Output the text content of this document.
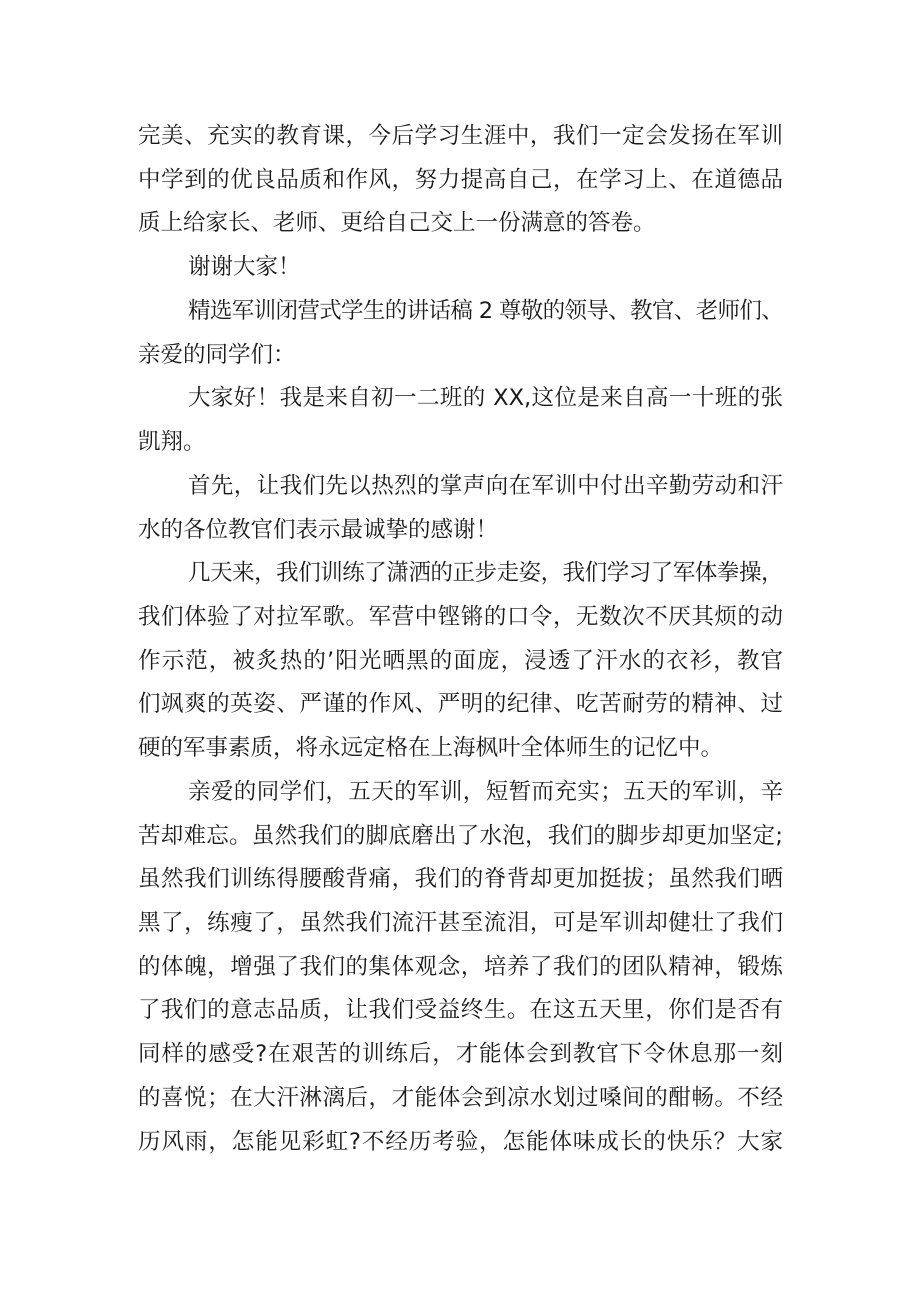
完美、充实的教育课，今后学习生涯中，我们一定会发扬在军训
中学到的优良品质和作风，努力提高自己，在学习上、在道德品
质上给家长、老师、更给自己交上一份满意的答卷。
谢谢大家！
精选军训闭营式学生的讲话稿 2 尊敬的领导、教官、老师们、
亲爱的同学们：
大家好！我是来自初一二班的 XX,这位是来自高一十班的张
凯翔。
首先，让我们先以热烈的掌声向在军训中付出辛勤劳动和汗
水的各位教官们表示最诚挚的感谢！
几天来，我们训练了潇洒的正步走姿，我们学习了军体拳操，
我们体验了对拉军歌。军营中铿锵的口令，无数次不厌其烦的动
作示范，被炙热的’阳光晒黑的面庞，浸透了汗水的衣衫，教官
们飒爽的英姿、严谨的作风、严明的纪律、吃苦耐劳的精神、过
硬的军事素质，将永远定格在上海枫叶全体师生的记忆中。
亲爱的同学们，五天的军训，短暂而充实；五天的军训，辛
苦却难忘。虽然我们的脚底磨出了水泡，我们的脚步却更加坚定;
虽然我们训练得腰酸背痛，我们的脊背却更加挺拔；虽然我们晒
黑了，练瘦了，虽然我们流汗甚至流泪，可是军训却健壮了我们
的体魄，增强了我们的集体观念，培养了我们的团队精神，锻炼
了我们的意志品质，让我们受益终生。在这五天里，你们是否有
同样的感受?在艰苦的训练后，才能体会到教官下令休息那一刻
的喜悦；在大汗淋漓后，才能体会到凉水划过嗓间的酣畅。不经
历风雨，怎能见彩虹?不经历考验，怎能体味成长的快乐？大家
